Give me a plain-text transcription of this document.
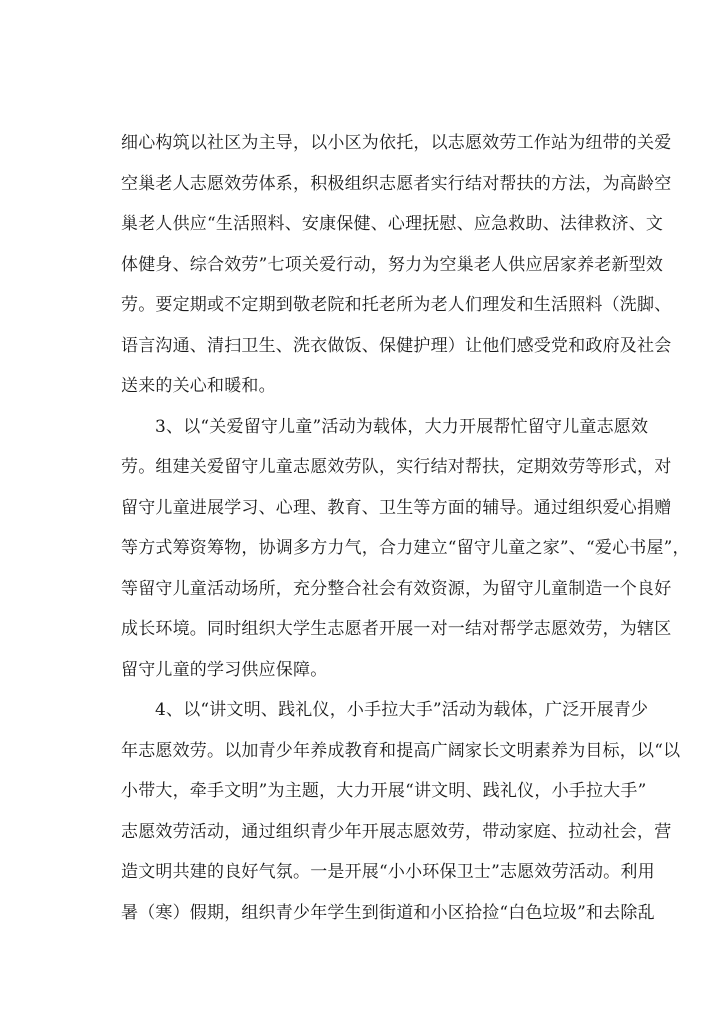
细心构筑以社区为主导，以小区为依托，以志愿效劳工作站为纽带的关爱
空巢老人志愿效劳体系，积极组织志愿者实行结对帮扶的方法，为高龄空
巢老人供应“生活照料、安康保健、心理抚慰、应急救助、法律救济、文
体健身、综合效劳”七项关爱行动，努力为空巢老人供应居家养老新型效
劳。要定期或不定期到敬老院和托老所为老人们理发和生活照料（洗脚、
语言沟通、清扫卫生、洗衣做饭、保健护理）让他们感受党和政府及社会
送来的关心和暖和。
3、以“关爱留守儿童”活动为载体，大力开展帮忙留守儿童志愿效
劳。组建关爱留守儿童志愿效劳队，实行结对帮扶，定期效劳等形式，对
留守儿童进展学习、心理、教育、卫生等方面的辅导。通过组织爱心捐赠
等方式筹资筹物，协调多方力气，合力建立“留守儿童之家”、“爱心书屋”，
等留守儿童活动场所，充分整合社会有效资源，为留守儿童制造一个良好
成长环境。同时组织大学生志愿者开展一对一结对帮学志愿效劳，为辖区
留守儿童的学习供应保障。
4、以“讲文明、践礼仪，小手拉大手”活动为载体，广泛开展青少
年志愿效劳。以加青少年养成教育和提高广阔家长文明素养为目标，以“以
小带大，牵手文明”为主题，大力开展“讲文明、践礼仪，小手拉大手”
志愿效劳活动，通过组织青少年开展志愿效劳，带动家庭、拉动社会，营
造文明共建的良好气氛。一是开展“小小环保卫士”志愿效劳活动。利用
暑（寒）假期，组织青少年学生到街道和小区拾捡“白色垃圾”和去除乱
